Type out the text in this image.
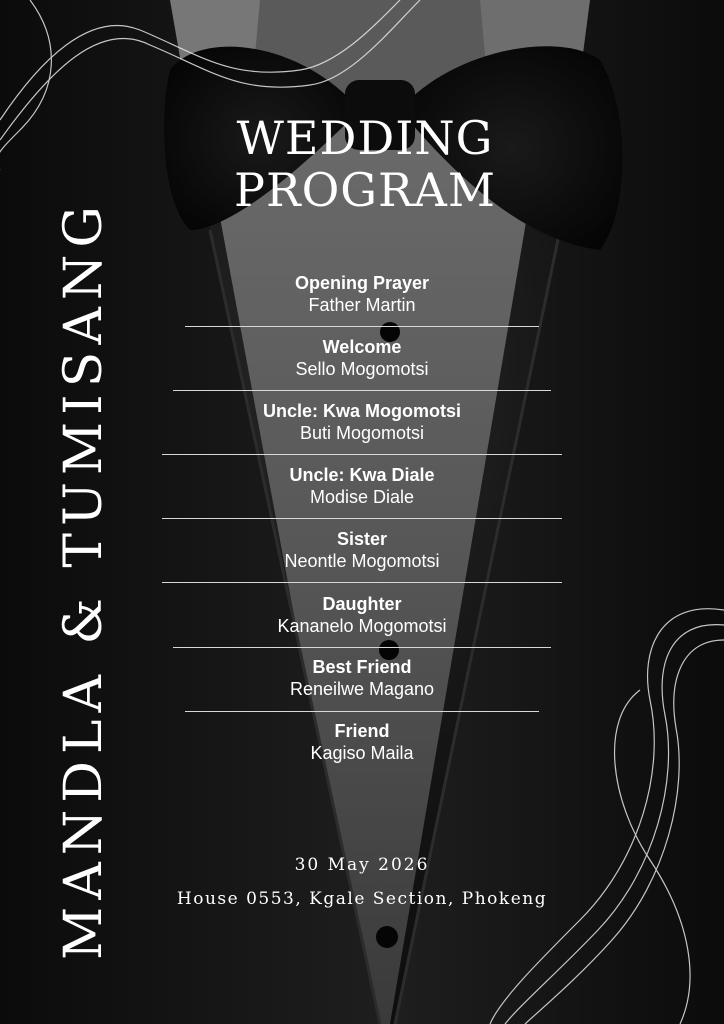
MANDLA & TUMISANG
WEDDING
PROGRAM
Opening Prayer
Father Martin
Welcome
Sello Mogomotsi
Uncle: Kwa Mogomotsi
Buti Mogomotsi
Uncle: Kwa Diale
Modise Diale
Sister
Neontle Mogomotsi
Daughter
Kananelo Mogomotsi
Best Friend
Reneilwe Magano
Friend
Kagiso Maila
30 May 2026
House 0553, Kgale Section, Phokeng
